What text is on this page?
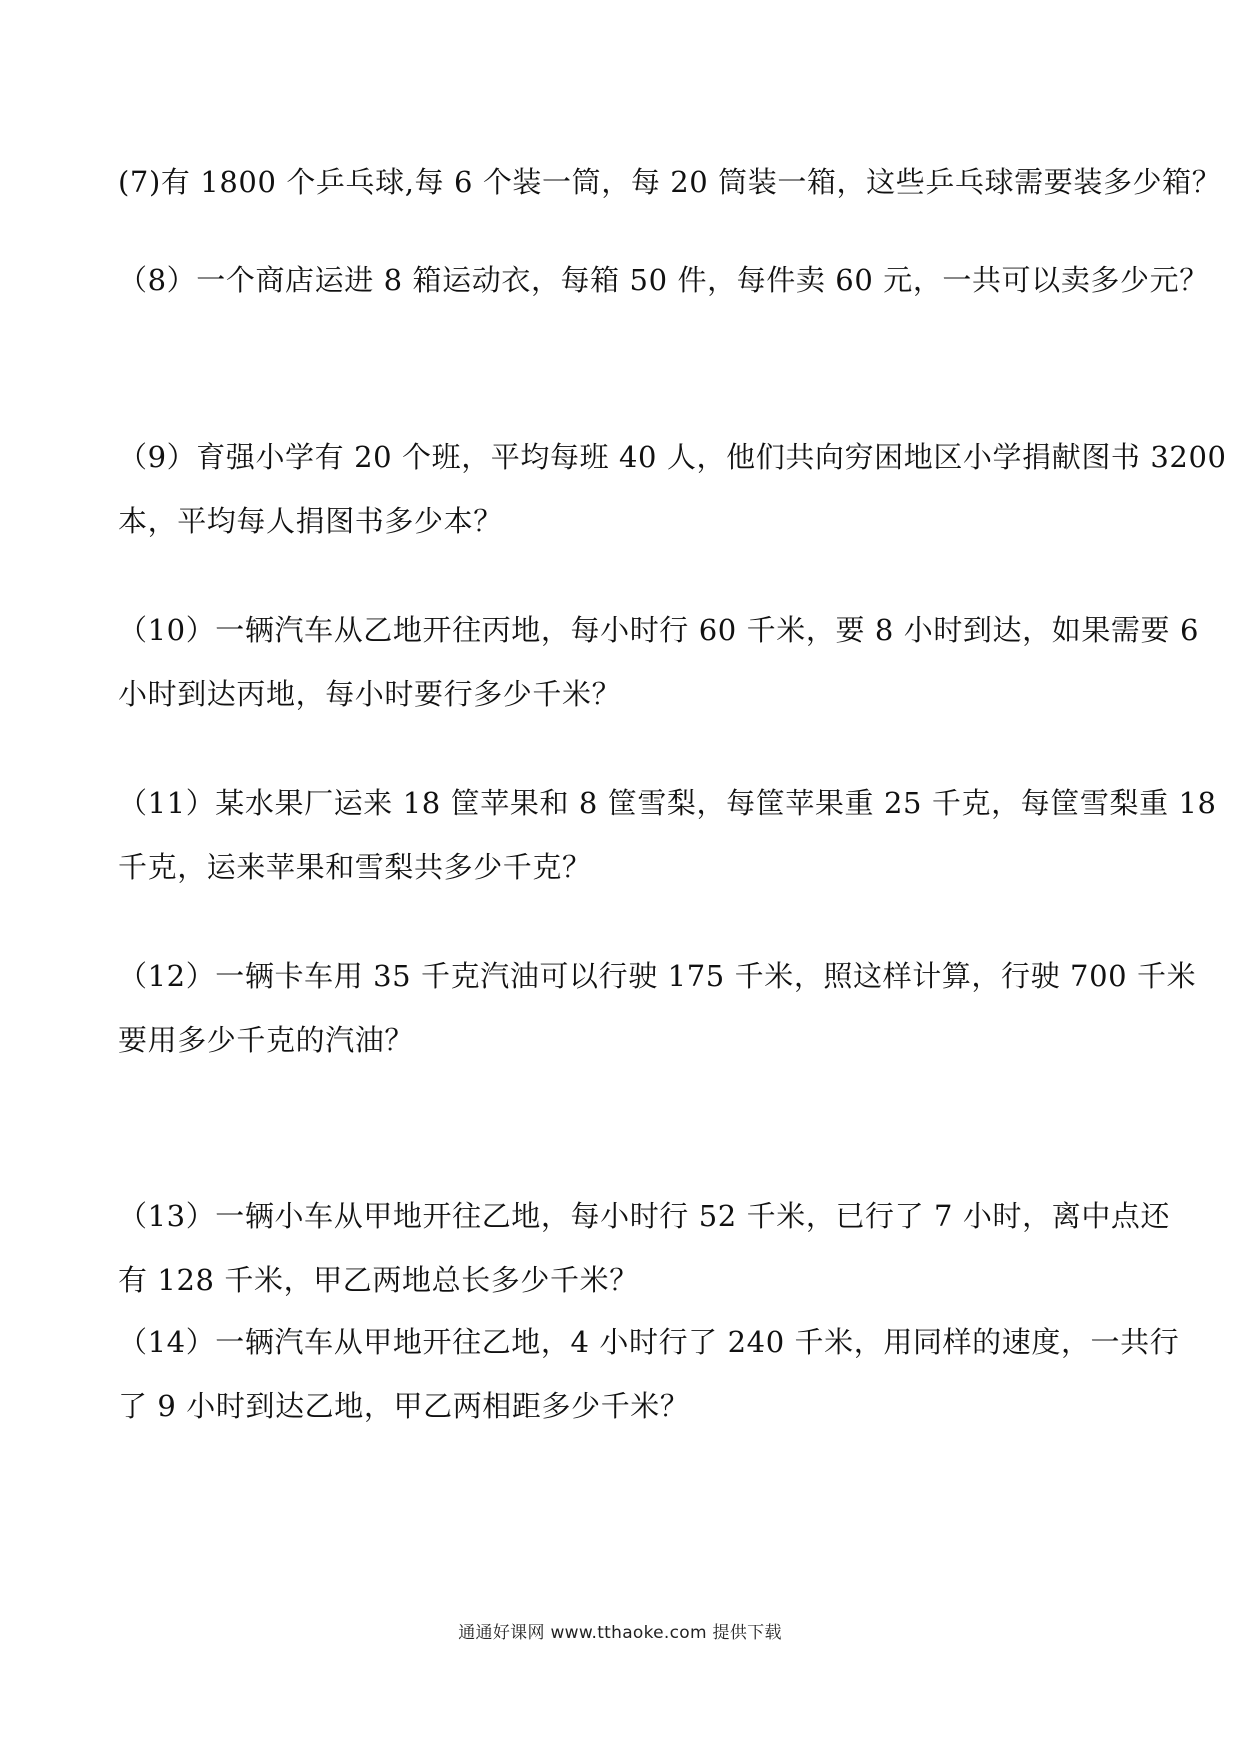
(7)有 1800 个乒乓球,每 6 个装一筒，每 20 筒装一箱，这些乒乓球需要装多少箱？
（8）一个商店运进 8 箱运动衣，每箱 50 件，每件卖 60 元，一共可以卖多少元？
（9）育强小学有 20 个班，平均每班 40 人，他们共向穷困地区小学捐献图书 3200
本，平均每人捐图书多少本？
（10）一辆汽车从乙地开往丙地，每小时行 60 千米，要 8 小时到达，如果需要 6
小时到达丙地，每小时要行多少千米？
（11）某水果厂运来 18 筐苹果和 8 筐雪梨，每筐苹果重 25 千克，每筐雪梨重 18
千克，运来苹果和雪梨共多少千克？
（12）一辆卡车用 35 千克汽油可以行驶 175 千米，照这样计算，行驶 700 千米
要用多少千克的汽油？
（13）一辆小车从甲地开往乙地，每小时行 52 千米，已行了 7 小时，离中点还
有 128 千米，甲乙两地总长多少千米？
（14）一辆汽车从甲地开往乙地，4 小时行了 240 千米，用同样的速度，一共行
了 9 小时到达乙地，甲乙两相距多少千米？
通通好课网 www.tthaoke.com 提供下载
